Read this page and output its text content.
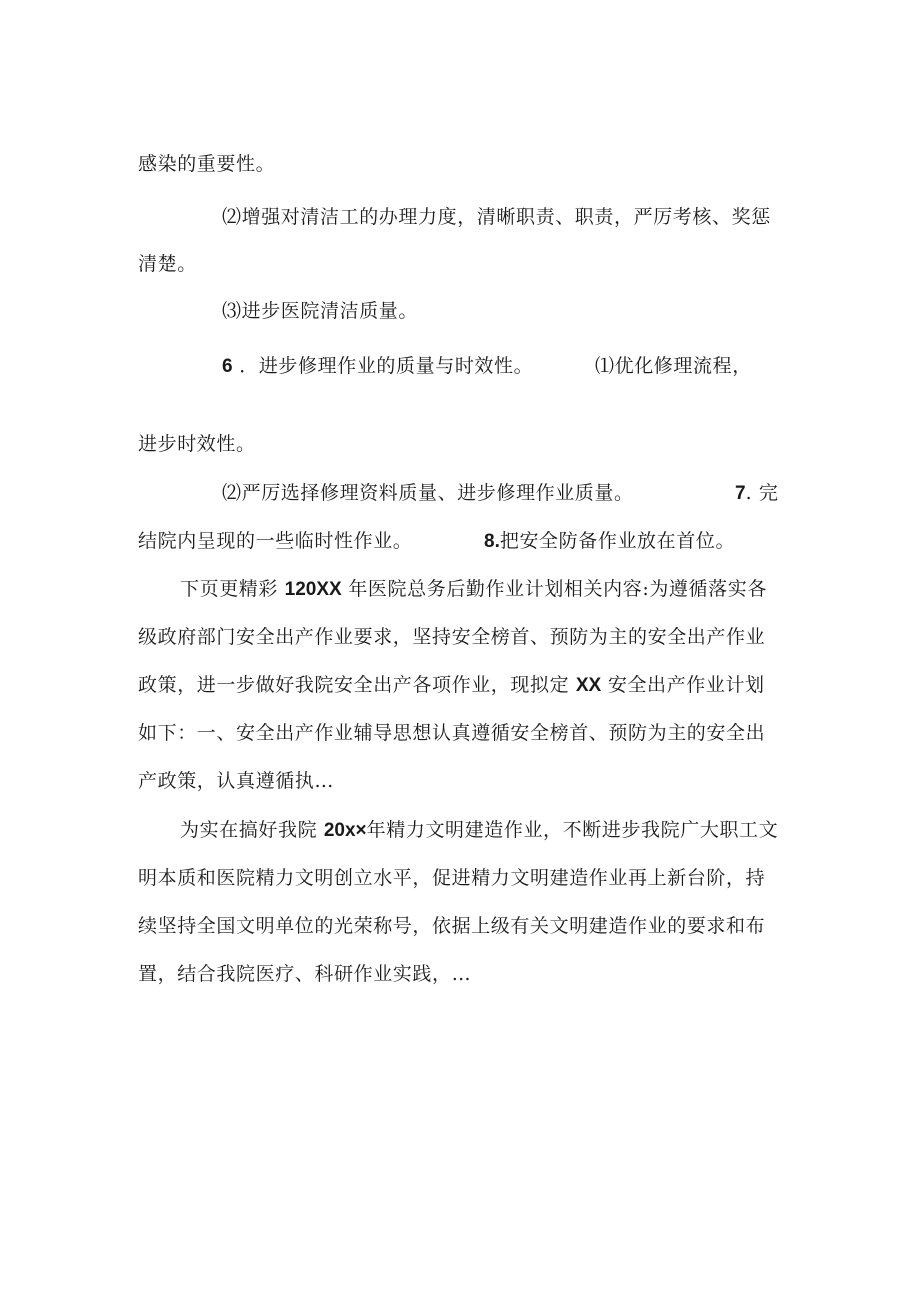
感染的重要性。

⑵增强对清洁工的办理力度，清晰职责、职责，严厉考核、奖惩

清楚。

⑶进步医院清洁质量。

6 ．进步修理作业的质量与时效性。	⑴优化修理流程，

进步时效性。

⑵严厉选择修理资料质量、进步修理作业质量。	7. 完

结院内呈现的一些临时性作业。	8.把安全防备作业放在首位。

下页更精彩 120XX 年医院总务后勤作业计划相关内容:为遵循落实各

级政府部门安全出产作业要求，坚持安全榜首、预防为主的安全出产作业

政策，进一步做好我院安全出产各项作业，现拟定 XX 安全出产作业计划

如下：一、安全出产作业辅导思想认真遵循安全榜首、预防为主的安全出

产政策，认真遵循执…

为实在搞好我院 20x×年精力文明建造作业，不断进步我院广大职工文

明本质和医院精力文明创立水平，促进精力文明建造作业再上新台阶，持

续坚持全国文明单位的光荣称号，依据上级有关文明建造作业的要求和布

置，结合我院医疗、科研作业实践，…
